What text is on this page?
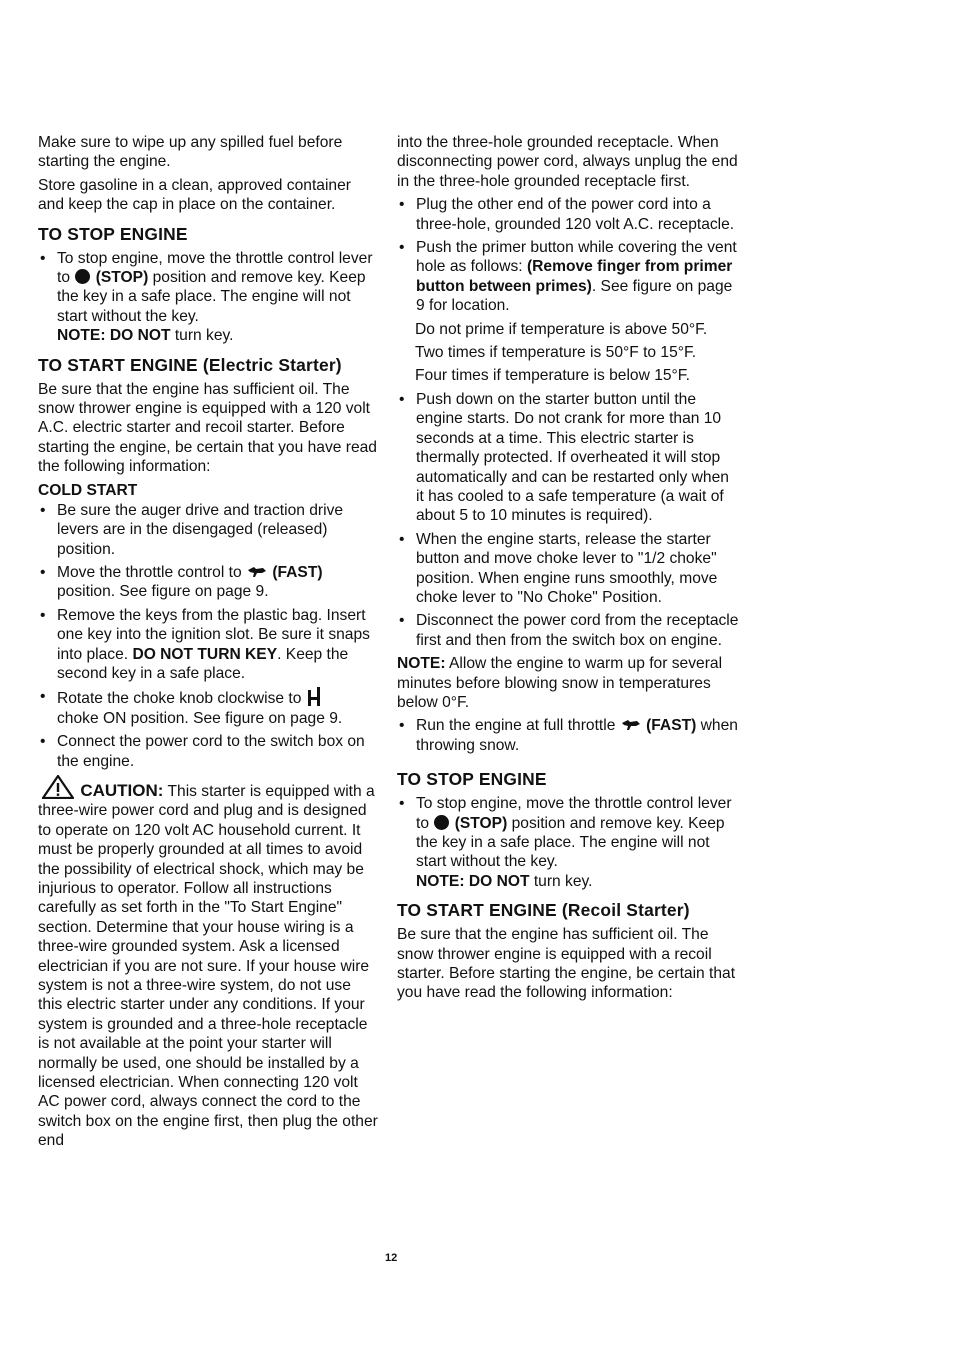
Make sure to wipe up any spilled fuel before starting the engine.

Store gasoline in a clean, approved container and keep the cap in place on the container.

TO STOP ENGINE
• To stop engine, move the throttle control lever to (STOP) position and remove key. Keep the key in a safe place. The engine will not start without the key.
NOTE: DO NOT turn key.
TO START ENGINE (Electric Starter)

Be sure that the engine has sufficient oil. The snow thrower engine is equipped with a 120 volt A.C. electric starter and recoil starter. Before starting the engine, be certain that you have read the following information:

COLD START
• Be sure the auger drive and traction drive levers are in the disengaged (released) position.
• Move the throttle control to (FAST) position. See figure on page 9.
• Remove the keys from the plastic bag. Insert one key into the ignition slot. Be sure it snaps into place. DO NOT TURN KEY. Keep the second key in a safe place.
• Rotate the choke knob clockwise to
choke ON position. See figure on page 9.
• Connect the power cord to the switch box on the engine.

CAUTION: This starter is equipped with a three-wire power cord and plug and is designed to operate on 120 volt AC household current. It must be properly grounded at all times to avoid the possibility of electrical shock, which may be injurious to operator. Follow all instructions carefully as set forth in the "To Start Engine" section. Determine that your house wiring is a three-wire grounded system. Ask a licensed electrician if you are not sure. If your house wire system is not a three-wire system, do not use this electric starter under any conditions. If your system is grounded and a three-hole receptacle is not available at the point your starter will normally be used, one should be installed by a licensed electrician. When connecting 120 volt AC power cord, always connect the cord to the switch box on the engine first, then plug the other end

into the three-hole grounded receptacle. When disconnecting power cord, always unplug the end in the three-hole grounded receptacle first.

• Plug the other end of the power cord into a three-hole, grounded 120 volt A.C. receptacle.
• Push the primer button while covering the vent hole as follows: (Remove finger from primer button between primes). See figure on page 9 for location.

Do not prime if temperature is above 50°F.

Two times if temperature is 50°F to 15°F.

Four times if temperature is below 15°F.

• Push down on the starter button until the engine starts. Do not crank for more than 10 seconds at a time. This electric starter is thermally protected. If overheated it will stop automatically and can be restarted only when it has cooled to a safe temperature (a wait of about 5 to 10 minutes is required).
• When the engine starts, release the starter button and move choke lever to "1/2 choke" position. When engine runs smoothly, move choke lever to "No Choke" Position.
• Disconnect the power cord from the receptacle first and then from the switch box on engine.

NOTE: Allow the engine to warm up for several minutes before blowing snow in temperatures below 0°F.

• Run the engine at full throttle (FAST) when throwing snow.
TO STOP ENGINE
• To stop engine, move the throttle control lever to (STOP) position and remove key. Keep the key in a safe place. The engine will not start without the key.
NOTE: DO NOT turn key.
TO START ENGINE (Recoil Starter)

Be sure that the engine has sufficient oil. The snow thrower engine is equipped with a recoil starter. Before starting the engine, be certain that you have read the following information:

12
